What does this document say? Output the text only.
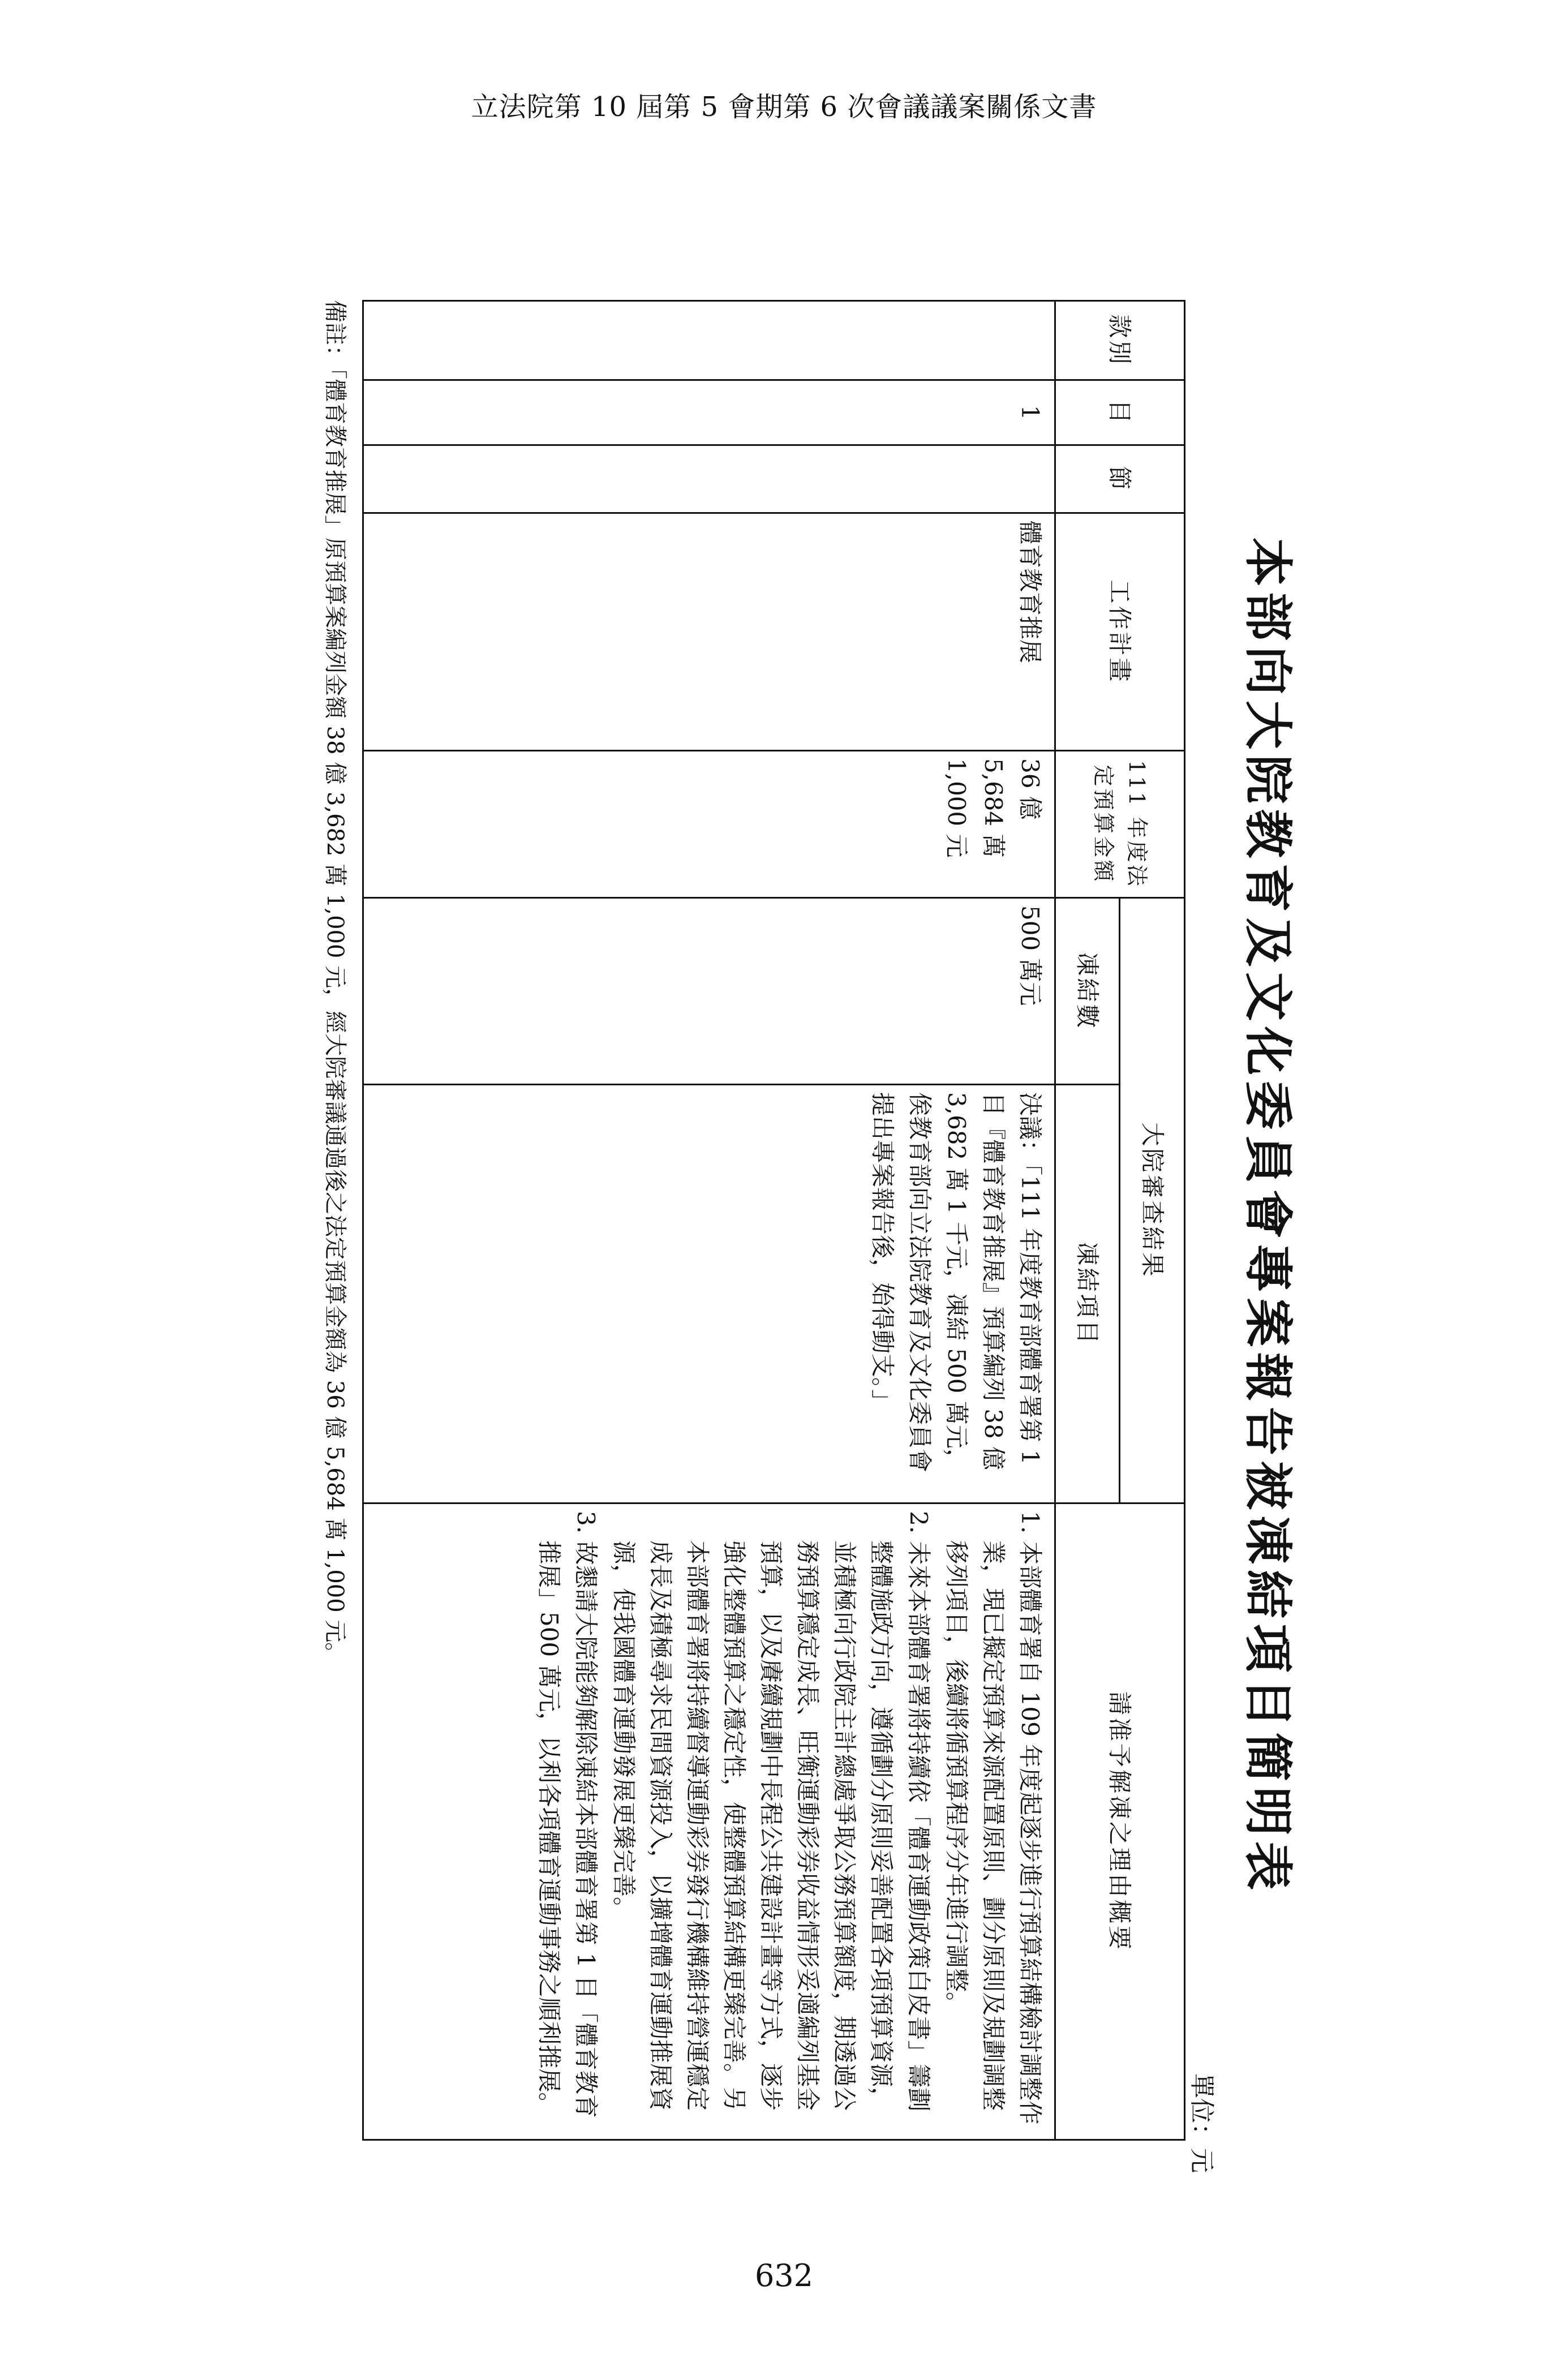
立法院第 10 屆第 5 會期第 6 次會議議案關係文書
本部向大院教育及文化委員會專案報告被凍結項目簡明表
單位：元
款別	目	節	工作計畫	111 年度法定預算金額	大院審查結果		請准予解凍之理由概要
					凍結數	凍結項目	
	1		體育教育推展	36 億 5,684 萬 1,000 元	500 萬元	決議：「111 年度教育部體育署第 1 目『體育教育推展』預算編列 38 億 3,682 萬 1 千元，凍結 500 萬元，俟教育部向立法院教育及文化委員會提出專案報告後，始得動支。」	1. 本部體育署自 109 年度起逐步進行預算結構檢討調整作業，現已擬定預算來源配置原則、劃分原則及規劃調整移列項目，後續將循預算程序分年進行調整。

2. 未來本部體育署將持續依「體育運動政策白皮書」籌劃整體施政方向，遵循劃分原則妥善配置各項預算資源，並積極向行政院主計總處爭取公務預算額度，期透過公務預算穩定成長、旺衡運動彩券收益情形妥適編列基金預算，以及賡續規劃中長程公共建設計畫等方式，逐步強化整體預算之穩定性，使整體預算結構更臻完善。另本部體育署將持續督導運動彩券發行機構維持營運穩定成長及積極尋求民間資源投入，以擴增體育運動推展資源，使我國體育運動發展更臻完善。

3. 故懇請大院能夠解除凍結本部體育署第 1 目「體育教育推展」500 萬元，以利各項體育運動事務之順利推展。

備註：「體育教育推展」原預算案編列金額 38 億 3,682 萬 1,000 元，經大院審議通過後之法定預算金額為 36 億 5,684 萬 1,000 元。
632
